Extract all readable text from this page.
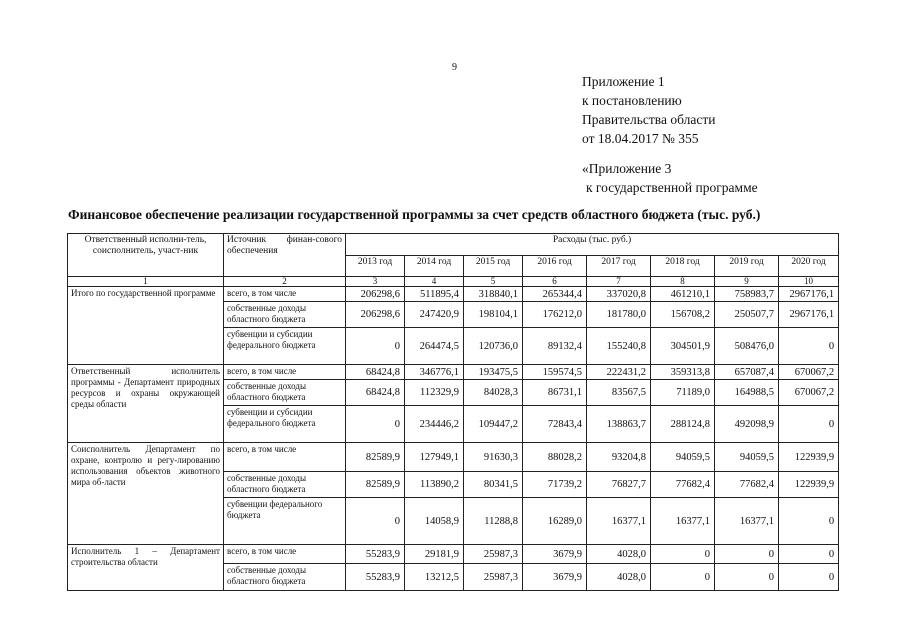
9
Приложение 1
к постановлению
Правительства области
от 18.04.2017 № 355
«Приложение 3
к государственной программе
Финансовое обеспечение реализации государственной программы за счет средств областного бюджета (тыс. руб.)
Ответственный исполни-тель, соисполнитель, участ-ник	Источник финан-сового обеспечения	Расходы (тыс. руб.)							
		2013 год	2014 год	2015 год	2016 год	2017 год	2018 год	2019 год	2020 год
1	2	3	4	5	6	7	8	9	10
Итого по государственной программе	всего, в том числе	206298,6	511895,4	318840,1	265344,4	337020,8	461210,1	758983,7	2967176,1
	собственные доходы областного бюджета	206298,6	247420,9	198104,1	176212,0	181780,0	156708,2	250507,7	2967176,1
	субвенции и субсидии федерального бюджета	0	264474,5	120736,0	89132,4	155240,8	304501,9	508476,0	0
Ответственный исполнитель программы - Департамент природных ресурсов и охраны окружающей среды области	всего, в том числе	68424,8	346776,1	193475,5	159574,5	222431,2	359313,8	657087,4	670067,2
	собственные доходы областного бюджета	68424,8	112329,9	84028,3	86731,1	83567,5	71189,0	164988,5	670067,2
	субвенции и субсидии федерального бюджета	0	234446,2	109447,2	72843,4	138863,7	288124,8	492098,9	0
Соисполнитель Департамент по охране, контролю и регу-лированию использования объектов животного мира об-ласти	всего, в том числе	82589,9	127949,1	91630,3	88028,2	93204,8	94059,5	94059,5	122939,9
	собственные доходы областного бюджета	82589,9	113890,2	80341,5	71739,2	76827,7	77682,4	77682,4	122939,9
	субвенции федерального бюджета	0	14058,9	11288,8	16289,0	16377,1	16377,1	16377,1	0
Исполнитель 1 – Департамент строительства области	всего, в том числе	55283,9	29181,9	25987,3	3679,9	4028,0	0	0	0
	собственные доходы областного бюджета	55283,9	13212,5	25987,3	3679,9	4028,0	0	0	0
